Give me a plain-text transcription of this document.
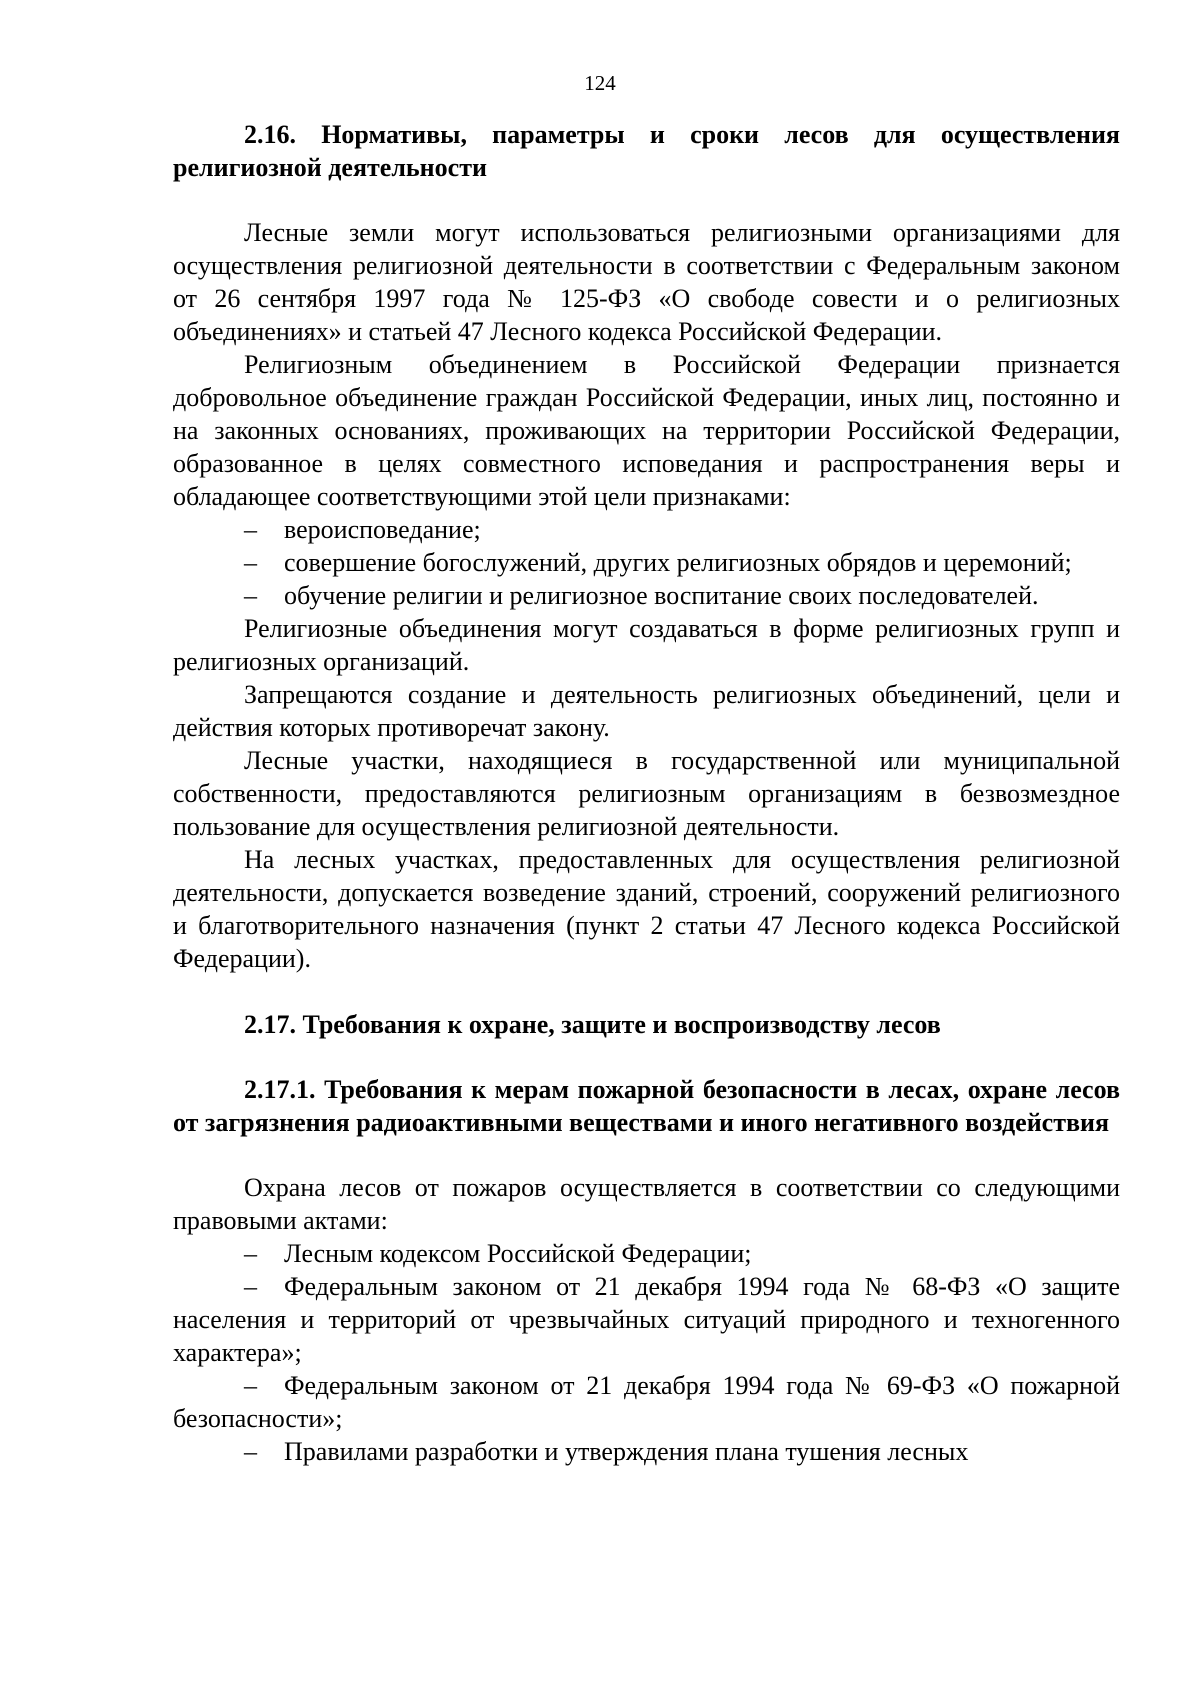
124

2.16. Нормативы, параметры и сроки лесов для осуществления религиозной деятельности

Лесные земли могут использоваться религиозными организациями для осуществления религиозной деятельности в соответствии с Федеральным законом от 26 сентября 1997 года № 125-ФЗ «О свободе совести и о религиозных объединениях» и статьей 47 Лесного кодекса Российской Федерации.

Религиозным объединением в Российской Федерации признается добровольное объединение граждан Российской Федерации, иных лиц, постоянно и на законных основаниях, проживающих на территории Российской Федерации, образованное в целях совместного исповедания и распространения веры и обладающее соответствующими этой цели признаками:

– вероисповедание;

– совершение богослужений, других религиозных обрядов и церемоний;

– обучение религии и религиозное воспитание своих последователей.

Религиозные объединения могут создаваться в форме религиозных групп и религиозных организаций.

Запрещаются создание и деятельность религиозных объединений, цели и действия которых противоречат закону.

Лесные участки, находящиеся в государственной или муниципальной собственности, предоставляются религиозным организациям в безвозмездное пользование для осуществления религиозной деятельности.

На лесных участках, предоставленных для осуществления религиозной деятельности, допускается возведение зданий, строений, сооружений религиозного и благотворительного назначения (пункт 2 статьи 47 Лесного кодекса Российской Федерации).

2.17. Требования к охране, защите и воспроизводству лесов

2.17.1. Требования к мерам пожарной безопасности в лесах, охране лесов от загрязнения радиоактивными веществами и иного негативного воздействия

Охрана лесов от пожаров осуществляется в соответствии со следующими правовыми актами:

– Лесным кодексом Российской Федерации;

– Федеральным законом от 21 декабря 1994 года № 68-ФЗ «О защите населения и территорий от чрезвычайных ситуаций природного и техногенного характера»;

– Федеральным законом от 21 декабря 1994 года № 69-ФЗ «О пожарной безопасности»;

– Правилами разработки и утверждения плана тушения лесных
